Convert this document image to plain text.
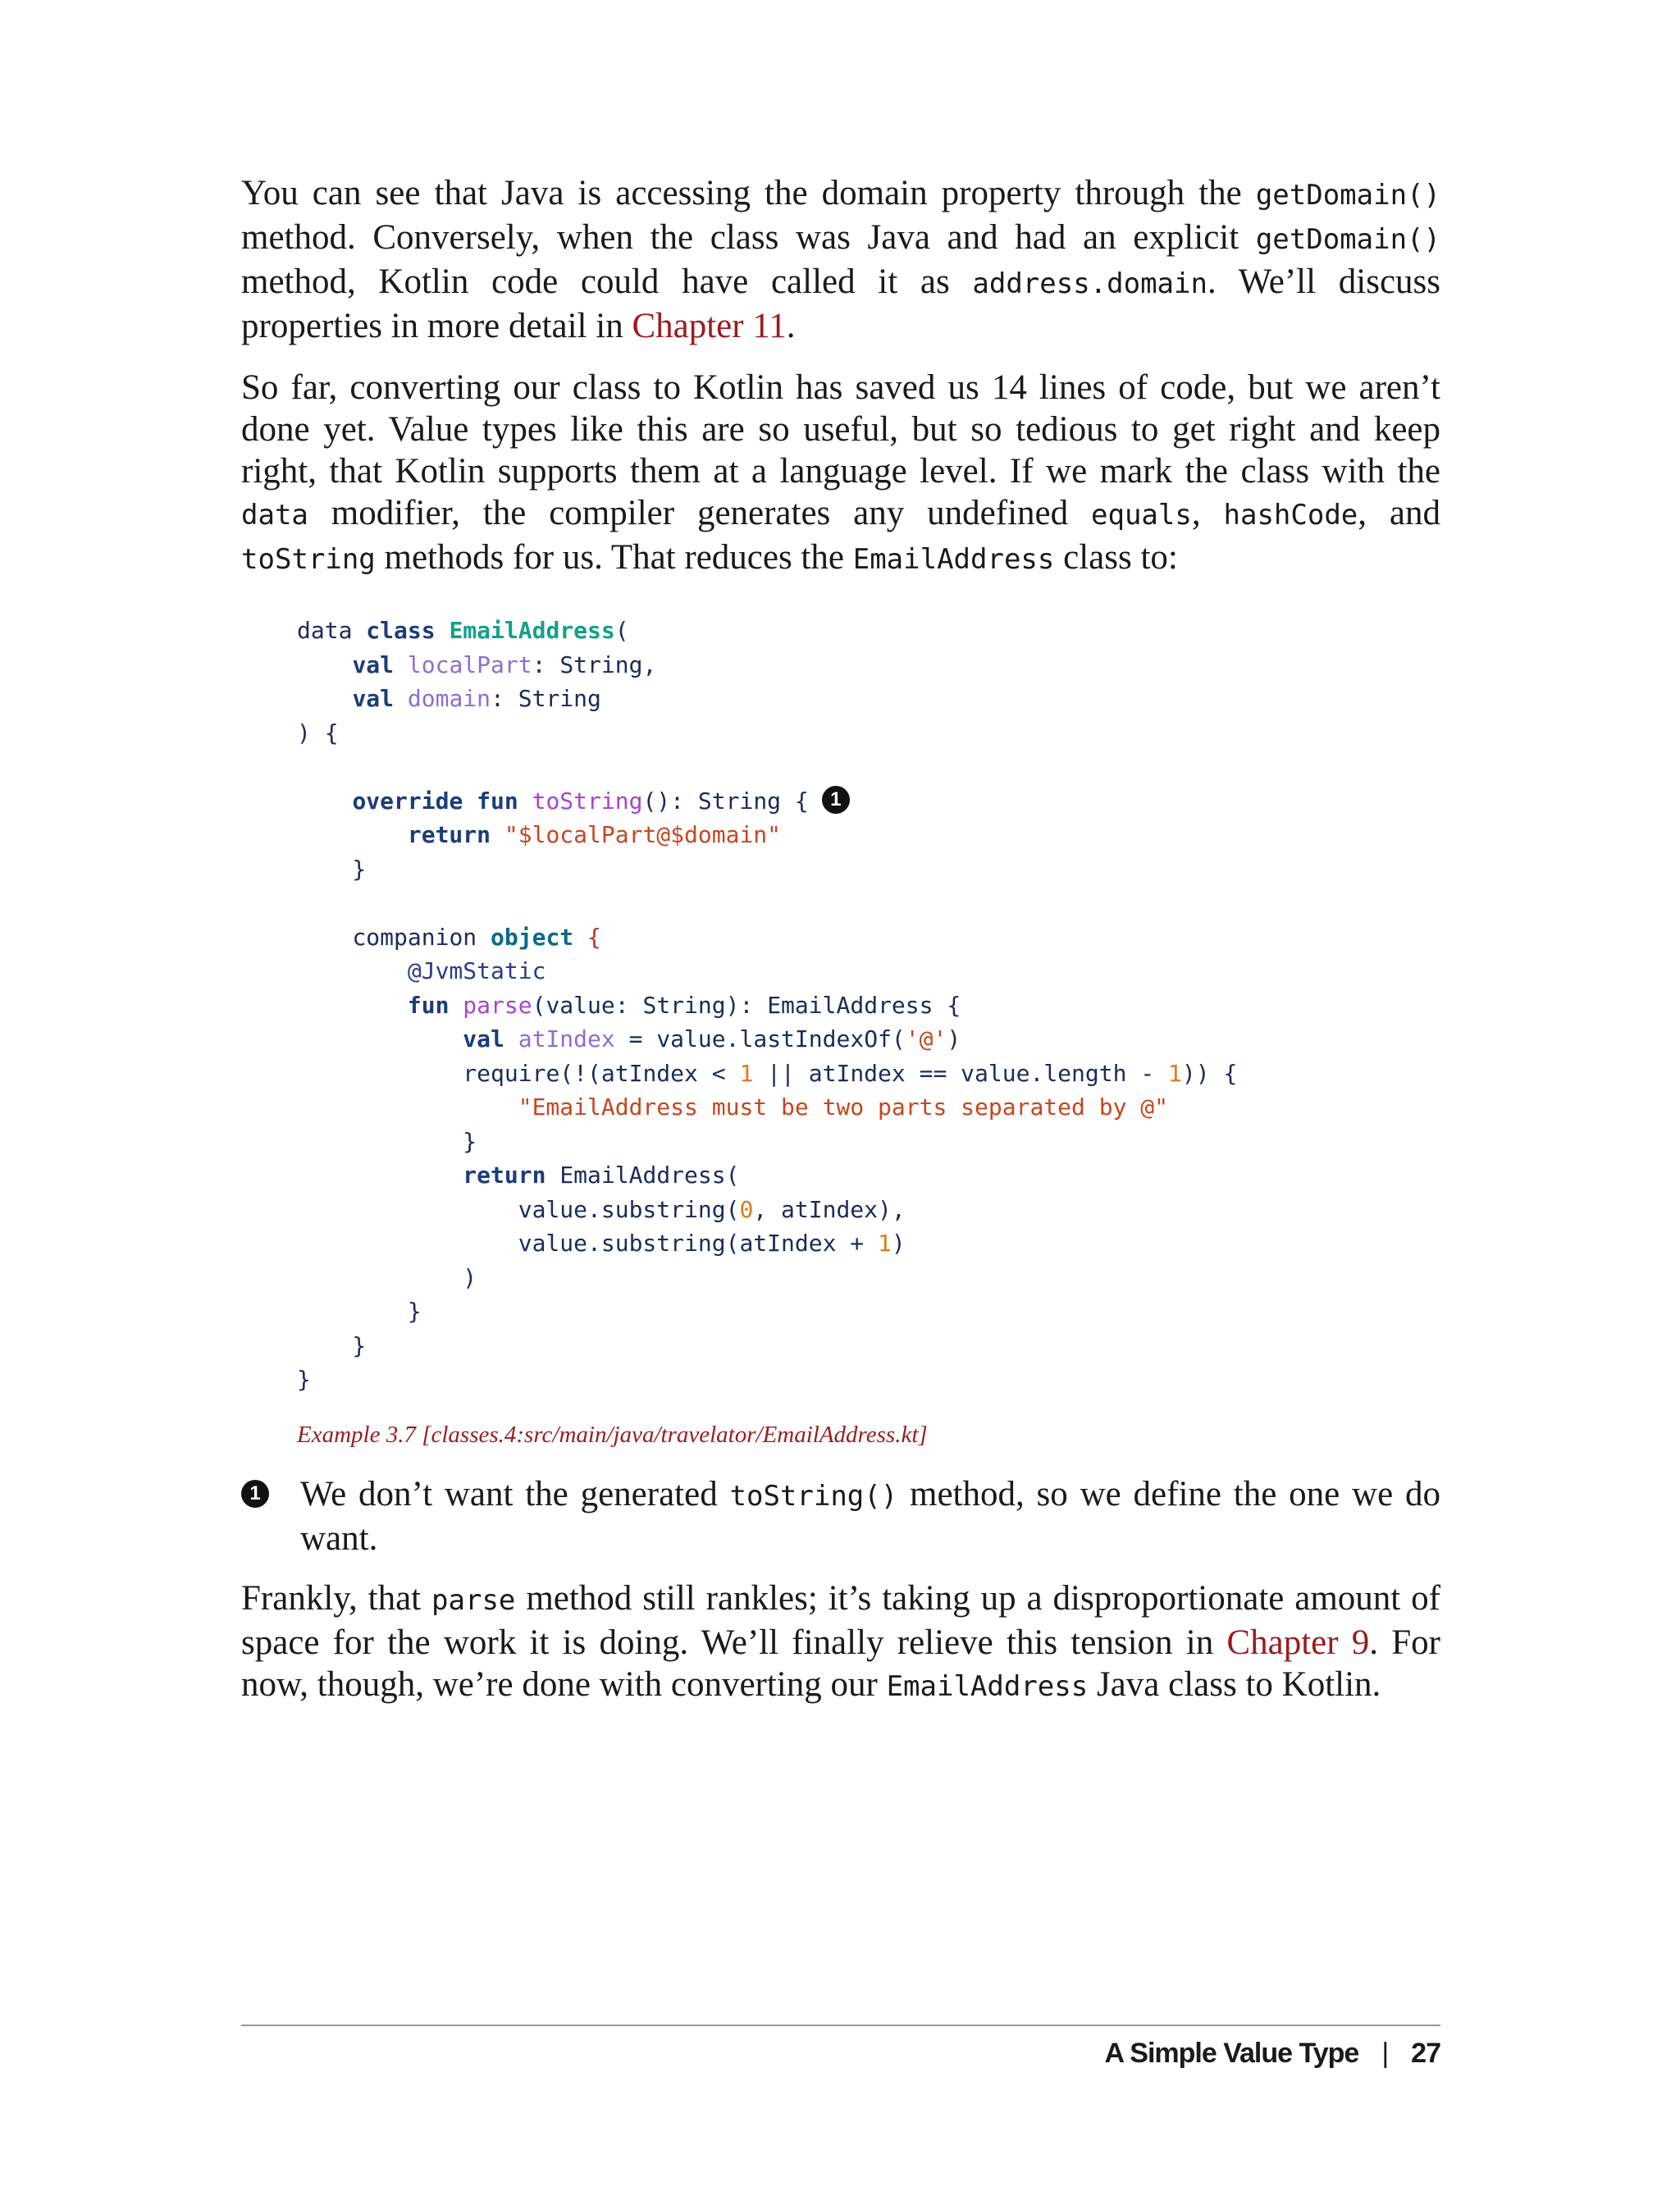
You can see that Java is accessing the domain property through the getDomain() method. Conversely, when the class was Java and had an explicit getDomain() method, Kotlin code could have called it as address.domain. We’ll discuss properties in more detail in Chapter 11.

So far, converting our class to Kotlin has saved us 14 lines of code, but we aren’t done yet. Value types like this are so useful, but so tedious to get right and keep right, that Kotlin supports them at a language level. If we mark the class with the data modifier, the compiler generates any undefined equals, hashCode, and toString methods for us. That reduces the EmailAddress class to:

data class EmailAddress(
val localPart: String,
val domain: String
) {

override fun toString(): String {	1
return "$localPart@$domain"
}

companion object {
@JvmStatic
fun parse(value: String): EmailAddress {
val atIndex = value.lastIndexOf('@')
require(!(atIndex < 1 || atIndex == value.length - 1)) {
"EmailAddress must be two parts separated by @"
}
return EmailAddress(
value.substring(0, atIndex),
value.substring(atIndex + 1)
)
}
}
}
Example 3.7 [classes.4:src/main/java/travelator/EmailAddress.kt]
1 We don’t want the generated toString() method, so we define the one we do want.

Frankly, that parse method still rankles; it’s taking up a disproportionate amount of space for the work it is doing. We’ll finally relieve this tension in Chapter 9. For now, though, we’re done with converting our EmailAddress Java class to Kotlin.

A Simple Value Type | 27
